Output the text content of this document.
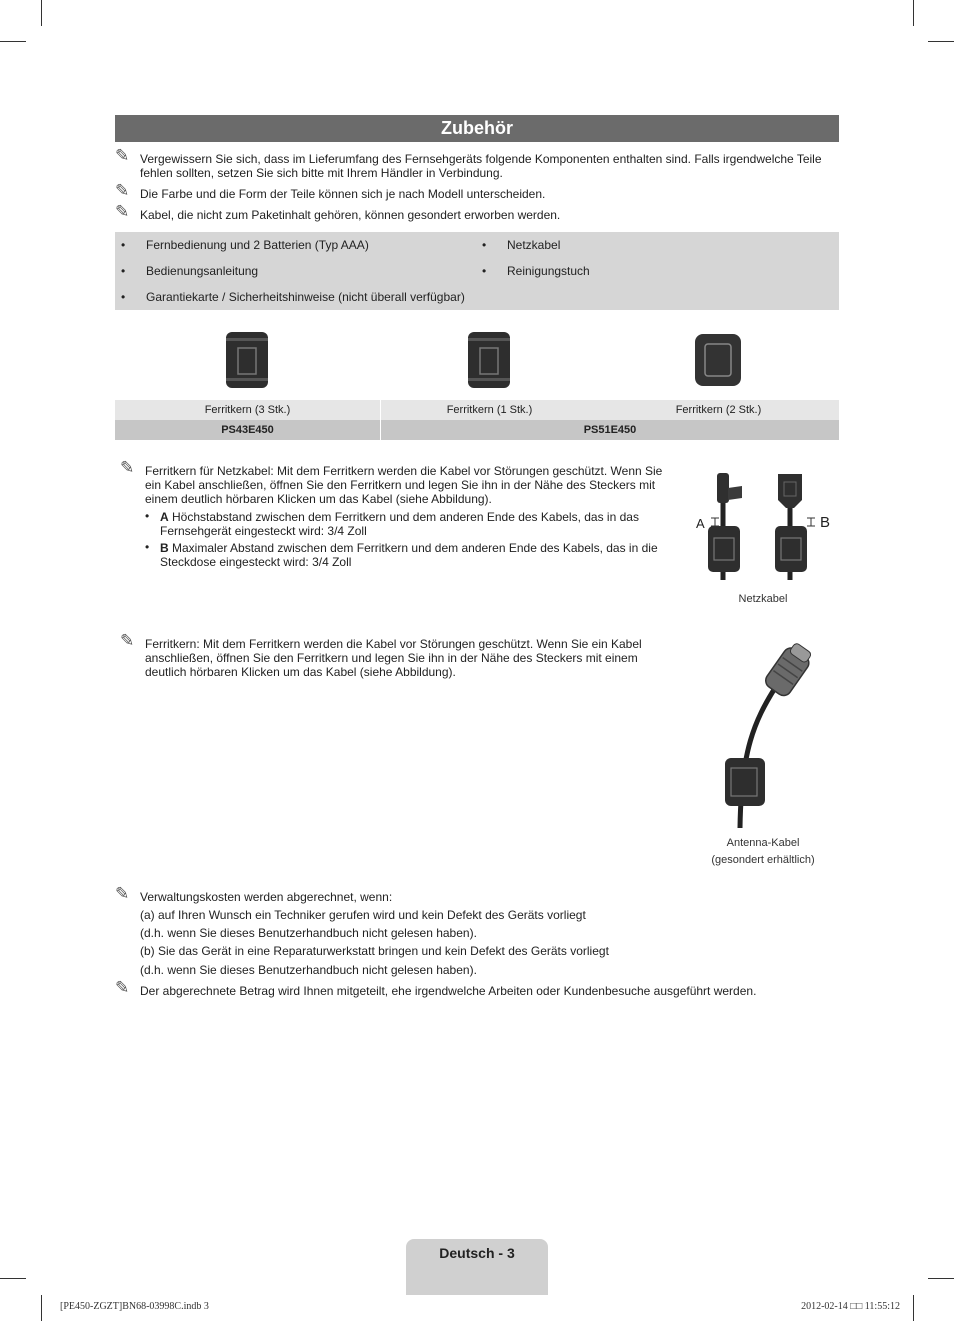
Zubehör
✎ Vergewissern Sie sich, dass im Lieferumfang des Fernsehgeräts folgende Komponenten enthalten sind. Falls irgendwelche Teile fehlen sollten, setzen Sie sich bitte mit Ihrem Händler in Verbindung.
✎ Die Farbe und die Form der Teile können sich je nach Modell unterscheiden.
✎ Kabel, die nicht zum Paketinhalt gehören, können gesondert erworben werden.
• Fernbedienung und 2 Batterien (Typ AAA)
• Bedienungsanleitung
• Garantiekarte / Sicherheitshinweise (nicht überall verfügbar)
• Netzkabel
• Reinigungstuch
Ferritkern (3 Stk.)	Ferritkern (1 Stk.)	Ferritkern (2 Stk.)
PS43E450	PS51E450
✎ Ferritkern für Netzkabel: Mit dem Ferritkern werden die Kabel vor Störungen geschützt. Wenn Sie ein Kabel anschließen, öffnen Sie den Ferritkern und legen Sie ihn in der Nähe des Steckers mit einem deutlich hörbaren Klicken um das Kabel (siehe Abbildung).
• A Höchstabstand zwischen dem Ferritkern und dem anderen Ende des Kabels, das in das Fernsehgerät eingesteckt wird: 3/4 Zoll
• B Maximaler Abstand zwischen dem Ferritkern und dem anderen Ende des Kabels, das in die Steckdose eingesteckt wird: 3/4 Zoll
A	B
Netzkabel
✎ Ferritkern: Mit dem Ferritkern werden die Kabel vor Störungen geschützt. Wenn Sie ein Kabel anschließen, öffnen Sie den Ferritkern und legen Sie ihn in der Nähe des Steckers mit einem deutlich hörbaren Klicken um das Kabel (siehe Abbildung).
Antenna-Kabel
(gesondert erhältlich)
✎ Verwaltungskosten werden abgerechnet, wenn:
(a) auf Ihren Wunsch ein Techniker gerufen wird und kein Defekt des Geräts vorliegt
(d.h. wenn Sie dieses Benutzerhandbuch nicht gelesen haben).
(b) Sie das Gerät in eine Reparaturwerkstatt bringen und kein Defekt des Geräts vorliegt
(d.h. wenn Sie dieses Benutzerhandbuch nicht gelesen haben).
✎ Der abgerechnete Betrag wird Ihnen mitgeteilt, ehe irgendwelche Arbeiten oder Kundenbesuche ausgeführt werden.
Deutsch - 3
[PE450-ZGZT]BN68-03998C.indb 3	2012-02-14 □□ 11:55:12
